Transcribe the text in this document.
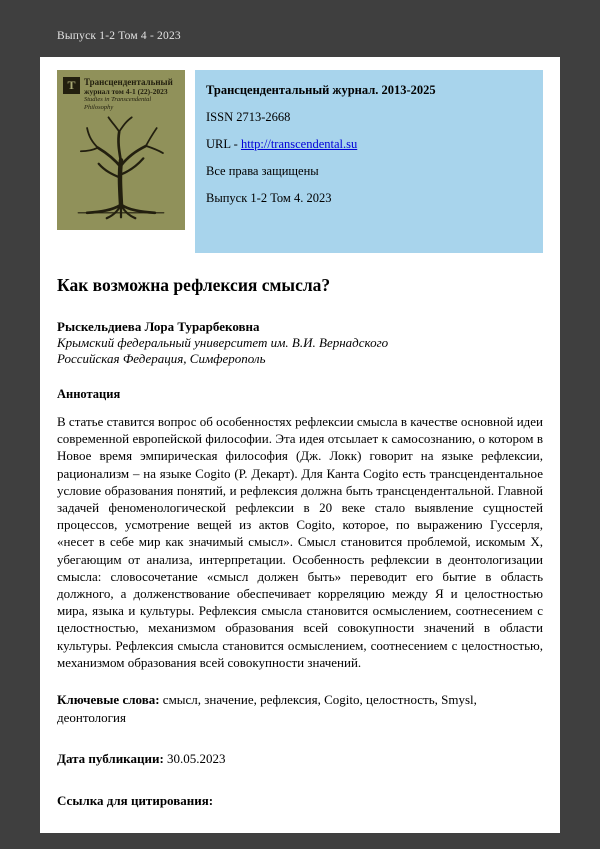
Выпуск 1-2 Том 4 - 2023
Т Трансцендентальный
журнал том 4-1 (22)-2023
Studies in Transcendental Philosophy
Трансцендентальный журнал. 2013-2025
ISSN 2713-2668
URL - http://transcendental.su
Все права защищены
Выпуск 1-2 Том 4. 2023
Как возможна рефлексия смысла?
Рыскельдиева Лора Турарбековна
Крымский федеральный университет им. В.И. Вернадского
Российская Федерация, Симферополь
Аннотация

В статье ставится вопрос об особенностях рефлексии смысла в качестве основной идеи современной европейской философии. Эта идея отсылает к самосознанию, о котором в Новое время эмпирическая философия (Дж. Локк) говорит на языке рефлексии, рационализм – на языке Cogito (Р. Декарт). Для Канта Cogito есть трансцендентальное условие образования понятий, и рефлексия должна быть трансцендентальной. Главной задачей феноменологической рефлексии в 20 веке стало выявление сущностей процессов, усмотрение вещей из актов Cogito, которое, по выражению Гуссерля, «несет в себе мир как значимый смысл». Смысл становится проблемой, искомым X, убегающим от анализа, интерпретации. Особенность рефлексии в деонтологизации смысла: словосочетание «смысл должен быть» переводит его бытие в область должного, а долженствование обеспечивает корреляцию между Я и целостностью мира, языка и культуры. Рефлексия смысла становится осмыслением, соотнесением с целостностью, механизмом образования всей совокупности значений в области культуры. Рефлексия смысла становится осмыслением, соотнесением с целостностью, механизмом образования всей совокупности значений.

Ключевые слова: смысл, значение, рефлексия, Cogito, целостность, Smysl, деонтология

Дата публикации: 30.05.2023

Ссылка для цитирования:
